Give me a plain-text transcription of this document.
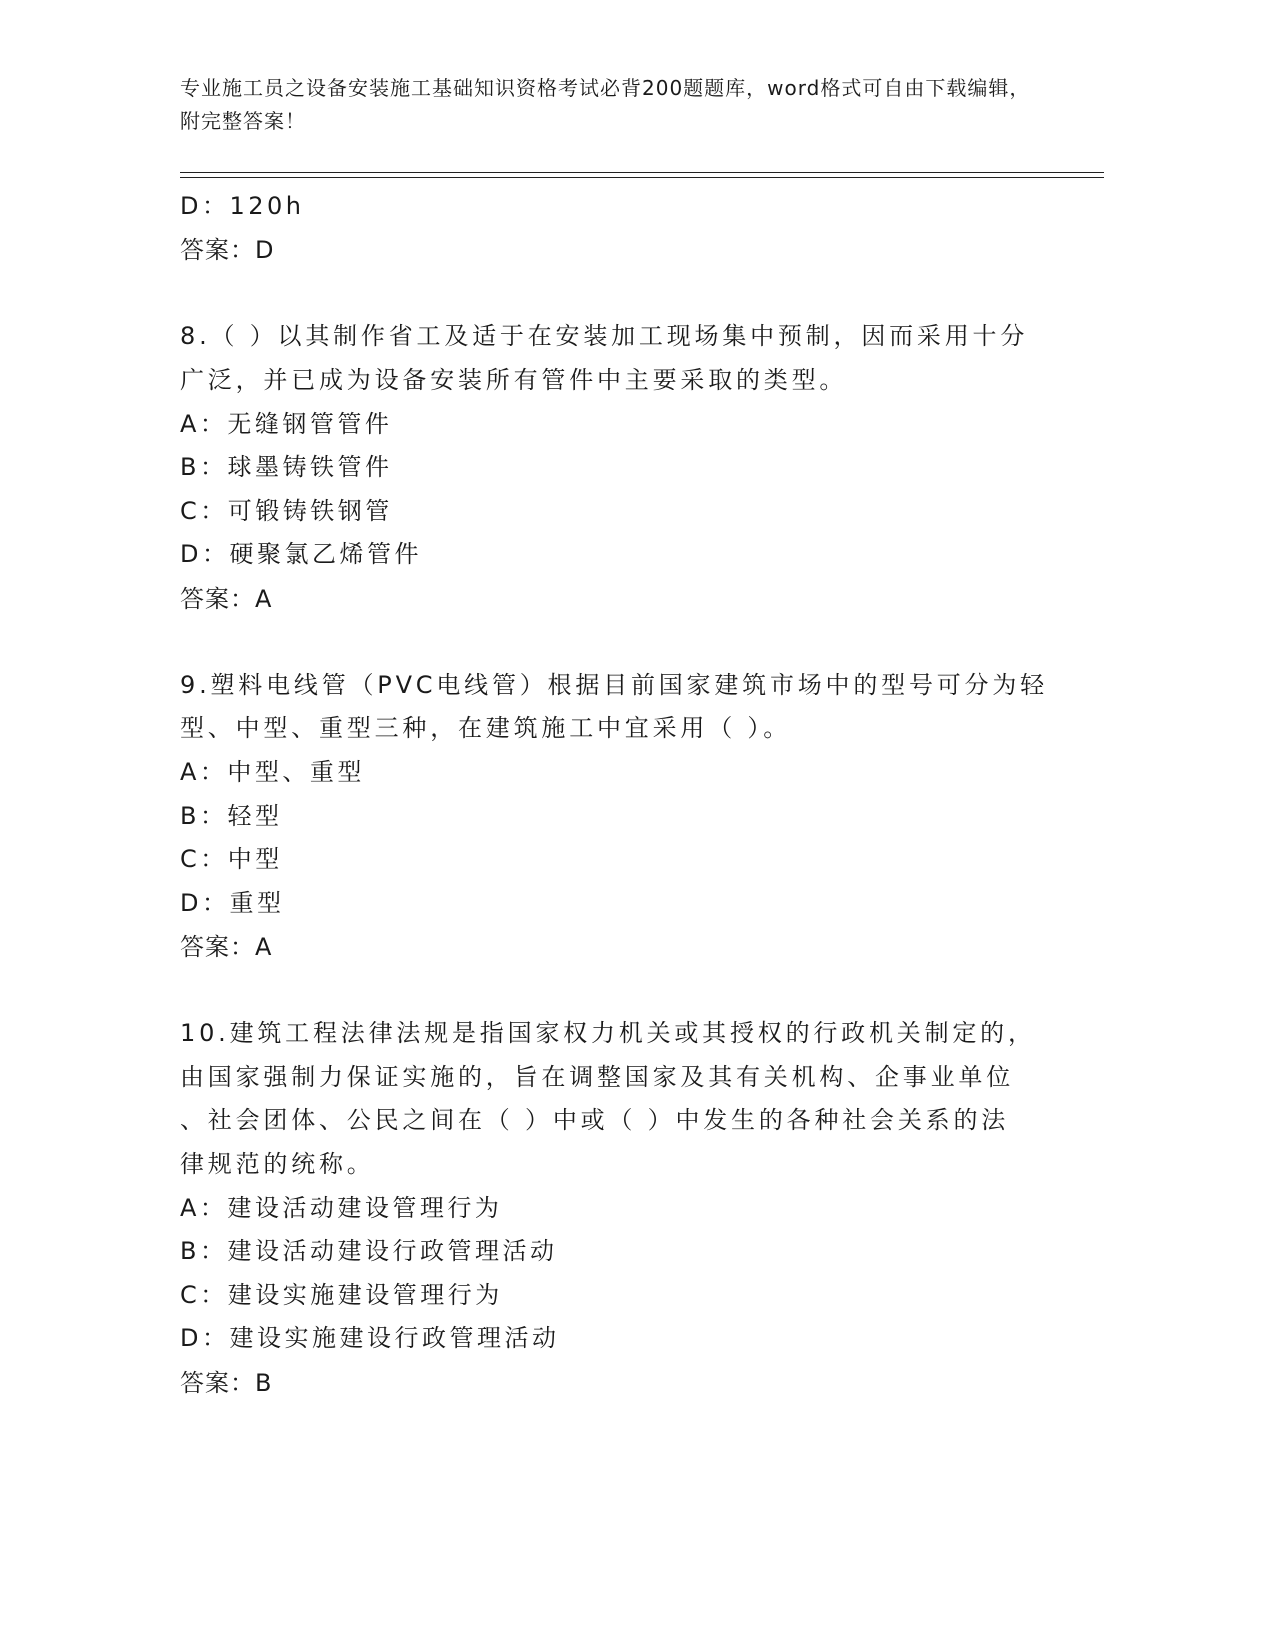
专业施工员之设备安装施工基础知识资格考试必背200题题库，word格式可自由下载编辑，附完整答案！
D：120h
答案：D
8.（ ）以其制作省工及适于在安装加工现场集中预制，因而采用十分
广泛，并已成为设备安装所有管件中主要采取的类型。
A：无缝钢管管件
B：球墨铸铁管件
C：可锻铸铁钢管
D：硬聚氯乙烯管件
答案：A
9.塑料电线管（PVC电线管）根据目前国家建筑市场中的型号可分为轻
型、中型、重型三种，在建筑施工中宜采用（ ）。
A：中型、重型
B：轻型
C：中型
D：重型
答案：A
10.建筑工程法律法规是指国家权力机关或其授权的行政机关制定的，
由国家强制力保证实施的，旨在调整国家及其有关机构、企事业单位
、社会团体、公民之间在（ ）中或（ ）中发生的各种社会关系的法
律规范的统称。
A：建设活动建设管理行为
B：建设活动建设行政管理活动
C：建设实施建设管理行为
D：建设实施建设行政管理活动
答案：B
